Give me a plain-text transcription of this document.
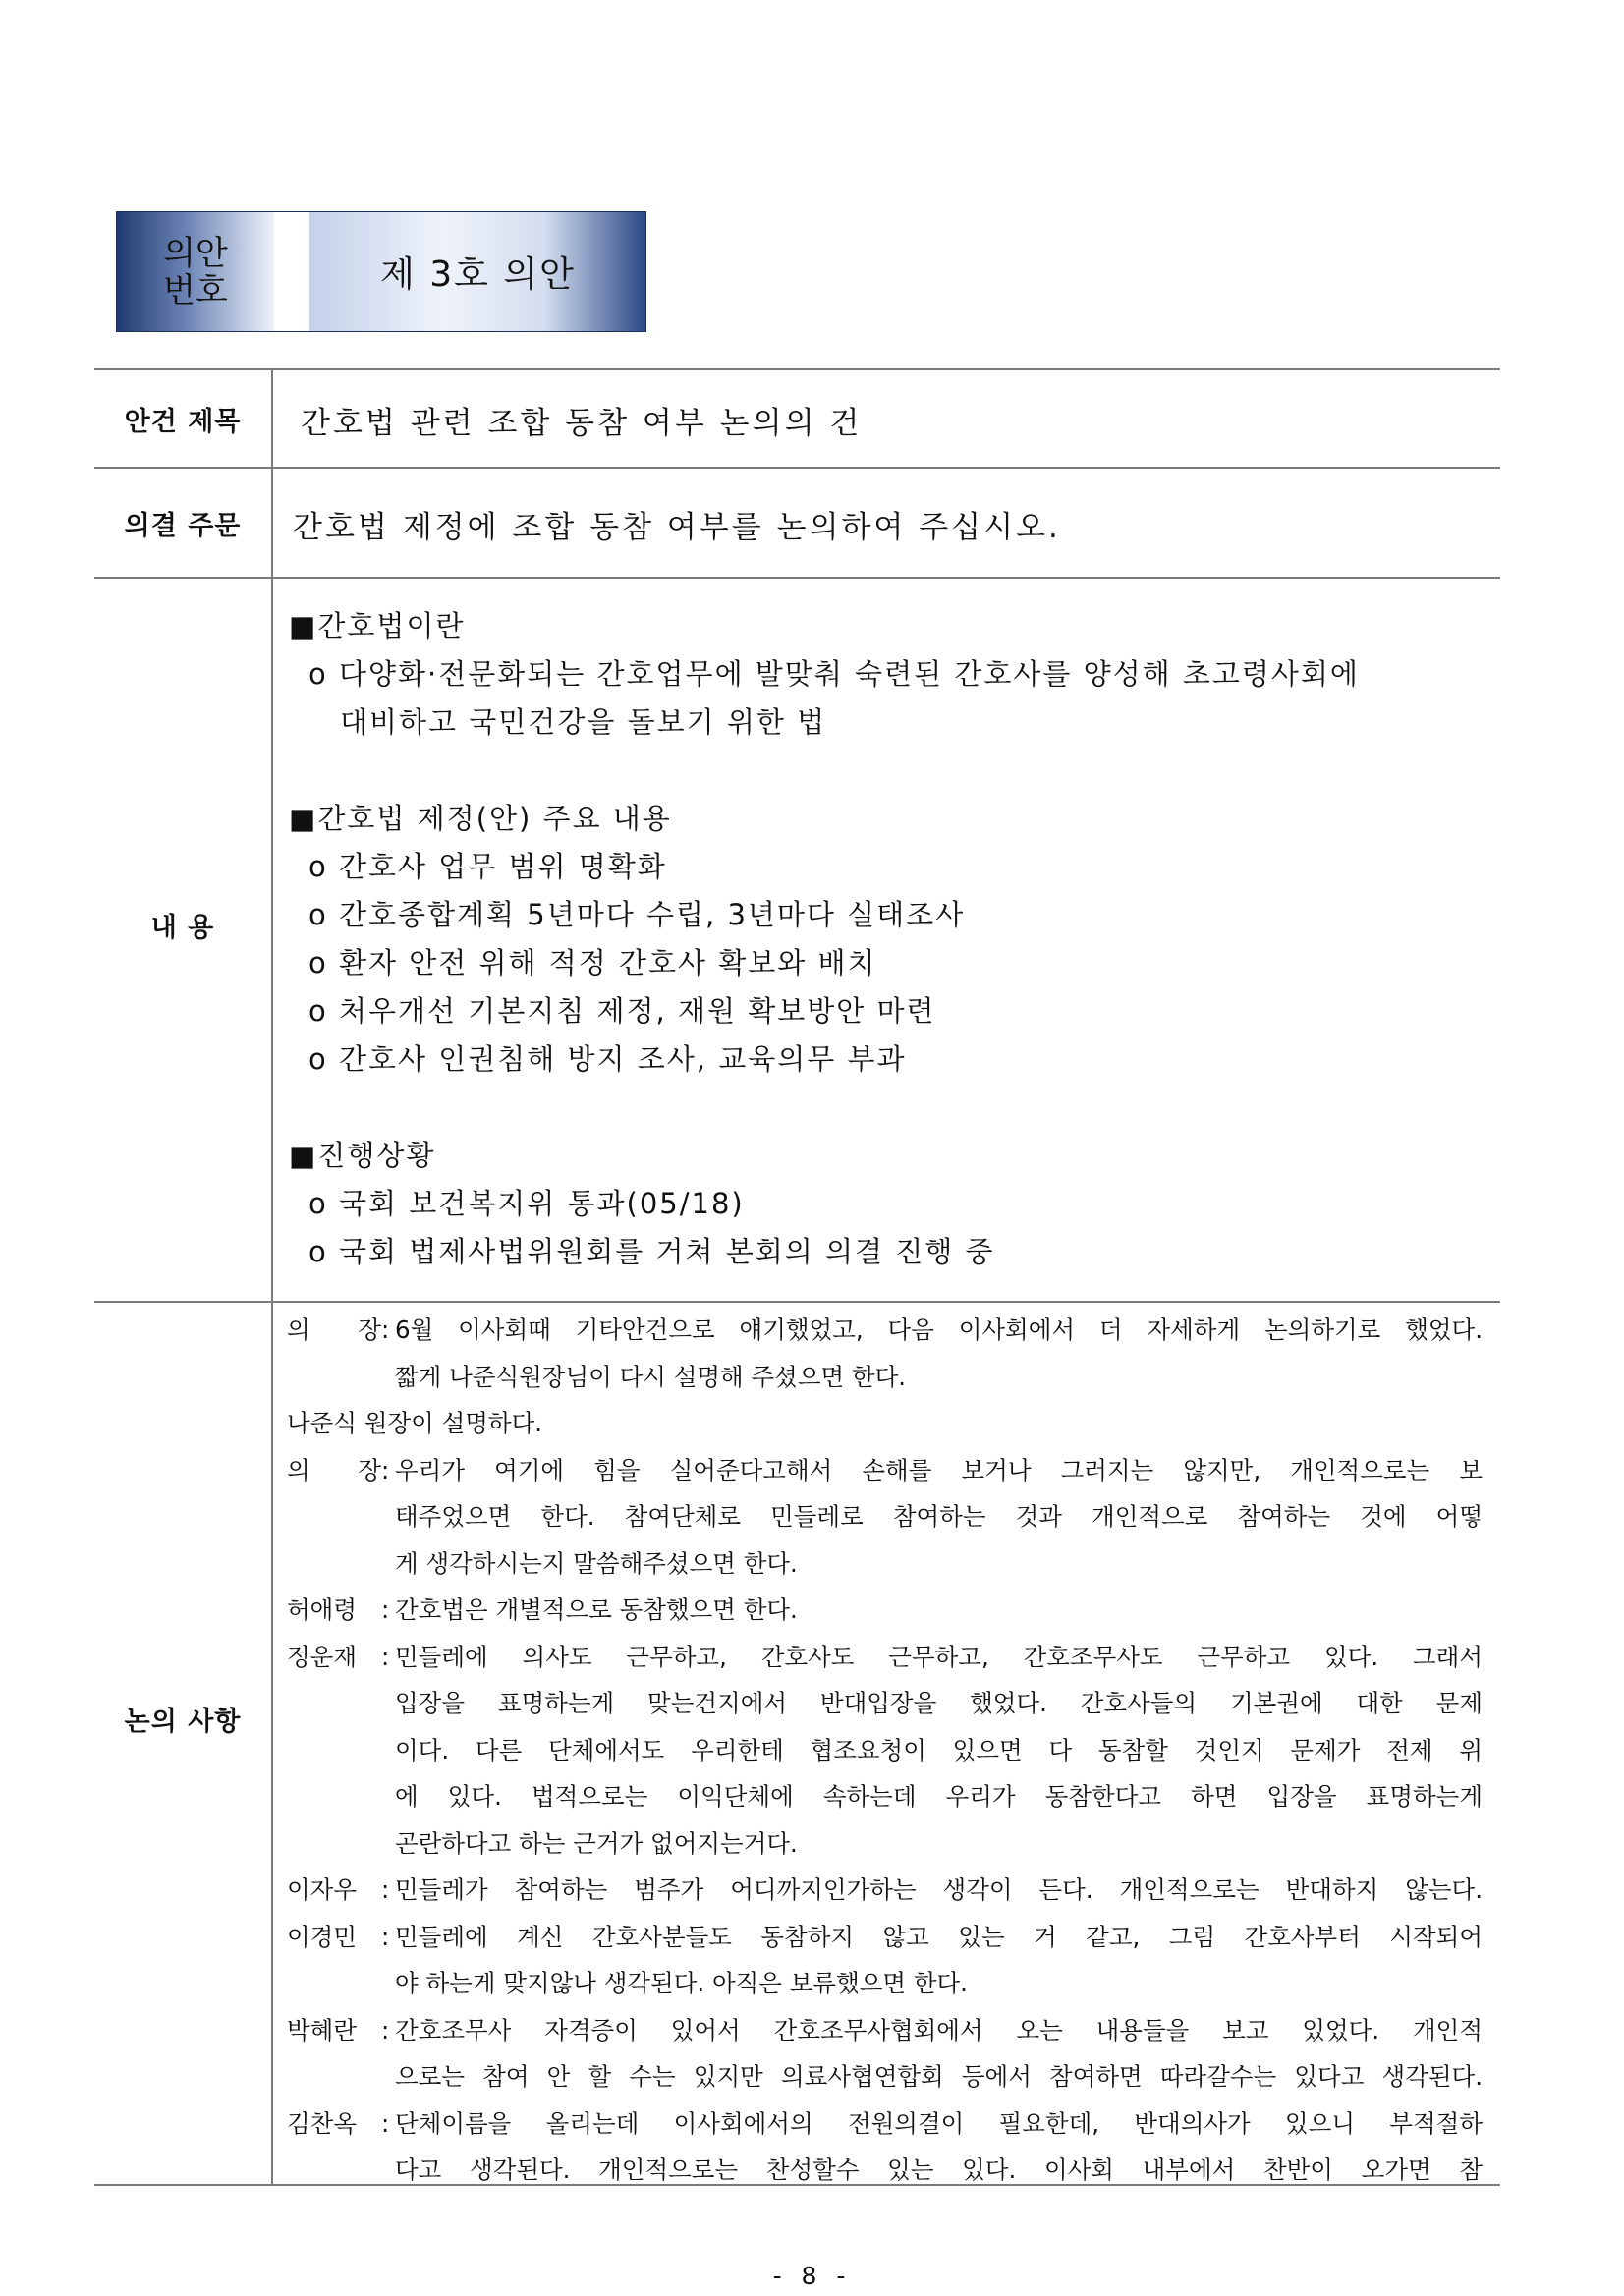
의안
번호	제 3호 의안
안건 제목	간호법 관련 조합 동참 여부 논의의 건
의결 주문	간호법 제정에 조합 동참 여부를 논의하여 주십시오.
내 용
■간호법이란
o 다양화·전문화되는 간호업무에 발맞춰 숙련된 간호사를 양성해 초고령사회에
대비하고 국민건강을 돌보기 위한 법
■간호법 제정(안) 주요 내용
o 간호사 업무 범위 명확화
o 간호종합계획 5년마다 수립, 3년마다 실태조사
o 환자 안전 위해 적정 간호사 확보와 배치
o 처우개선 기본지침 제정, 재원 확보방안 마련
o 간호사 인권침해 방지 조사, 교육의무 부과
■진행상황
o 국회 보건복지위 통과(05/18)
o 국회 법제사법위원회를 거쳐 본회의 의결 진행 중
논의 사항
의 장 : 6월 이사회때 기타안건으로 얘기했었고, 다음 이사회에서 더 자세하게 논의하기로 했었다.
짧게 나준식원장님이 다시 설명해 주셨으면 한다.
나준식 원장이 설명하다.
의 장 : 우리가 여기에 힘을 실어준다고해서 손해를 보거나 그러지는 않지만, 개인적으로는 보
태주었으면 한다. 참여단체로 민들레로 참여하는 것과 개인적으로 참여하는 것에 어떻
게 생각하시는지 말씀해주셨으면 한다.
허애령	: 간호법은 개별적으로 동참했으면 한다.
정운재	: 민들레에 의사도 근무하고, 간호사도 근무하고, 간호조무사도 근무하고 있다. 그래서
입장을 표명하는게 맞는건지에서 반대입장을 했었다. 간호사들의 기본권에 대한 문제
이다. 다른 단체에서도 우리한테 협조요청이 있으면 다 동참할 것인지 문제가 전제 위
에 있다. 법적으로는 이익단체에 속하는데 우리가 동참한다고 하면 입장을 표명하는게
곤란하다고 하는 근거가 없어지는거다.
이자우	: 민들레가 참여하는 범주가 어디까지인가하는 생각이 든다. 개인적으로는 반대하지 않는다.
이경민	: 민들레에 계신 간호사분들도 동참하지 않고 있는 거 같고, 그럼 간호사부터 시작되어
야 하는게 맞지않나 생각된다. 아직은 보류했으면 한다.
박혜란	: 간호조무사 자격증이 있어서 간호조무사협회에서 오는 내용들을 보고 있었다. 개인적
으로는 참여 안 할 수는 있지만 의료사협연합회 등에서 참여하면 따라갈수는 있다고 생각된다.
김찬옥	: 단체이름을 올리는데 이사회에서의 전원의결이 필요한데, 반대의사가 있으니 부적절하
다고 생각된다. 개인적으로는 찬성할수 있는 있다. 이사회 내부에서 찬반이 오가면 참
- 8 -
